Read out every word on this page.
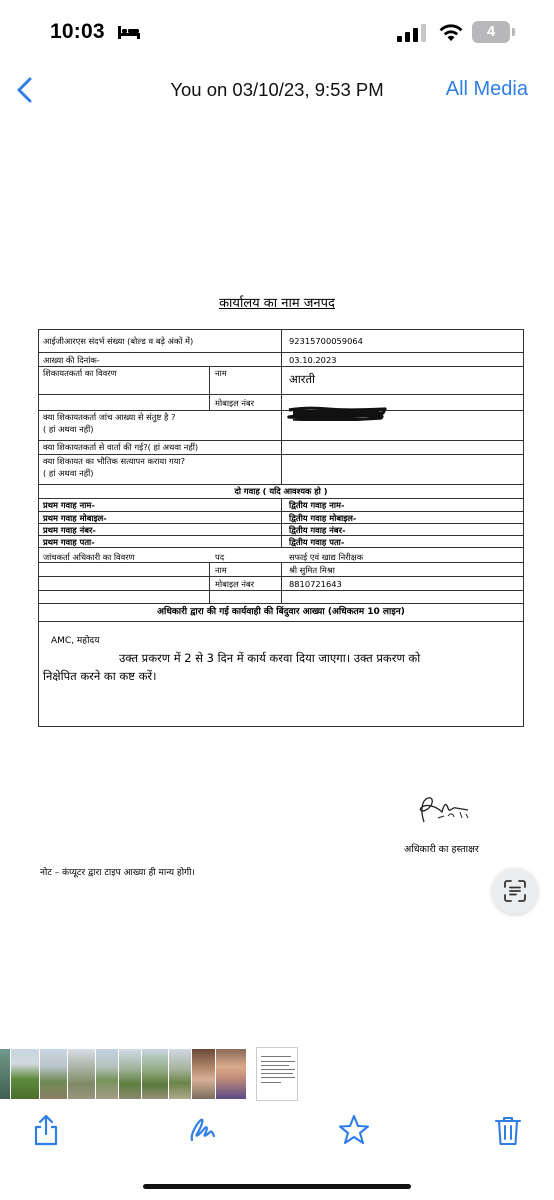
10:03	4
You on 03/10/23, 9:53 PM	All Media
कार्यालय का नाम जनपद
आईजीआरएस संदर्भ संख्या (बोल्ड व बड़े अंकों में)	92315700059064
आख्या की दिनांक-	03.10.2023
शिकायतकर्ता का विवरण	नाम	आरती
मोबाइल नंबर
क्या शिकायतकर्ता जांच आख्या से संतुष्ट है ?
( हां अथवा नहीं)
क्या शिकायतकर्ता से वार्ता की गई?( हां अथवा नहीं)
क्या शिकायत का भौतिक सत्यापन कराया गया?
( हां अथवा नहीं)
दो गवाह ( यदि आवश्यक हो )
प्रथम गवाह नाम-	द्वितीय गवाह नाम-
प्रथम गवाह मोबाइल-	द्वितीय गवाह मोबाइल-
प्रथम गवाह नंबर-	द्वितीय गवाह नंबर-
प्रथम गवाह पता-	द्वितीय गवाह पता-
जांचकर्ता अधिकारी का विवरण	पद	सफाई एवं खाद्य निरीक्षक
नाम	श्री सुमित मिश्रा
मोबाइल नंबर	8810721643
अधिकारी द्वारा की गई कार्यवाही की बिंदुवार आख्या (अधिकतम 10 लाइन)
AMC, महोदय
उक्त प्रकरण में 2 से 3 दिन में कार्य करवा दिया जाएगा। उक्त प्रकरण को
निक्षेपित करने का कष्ट करें।
अधिकारी का हस्ताक्षर
नोट – कंप्यूटर द्वारा टाइप आख्या ही मान्य होगी।
